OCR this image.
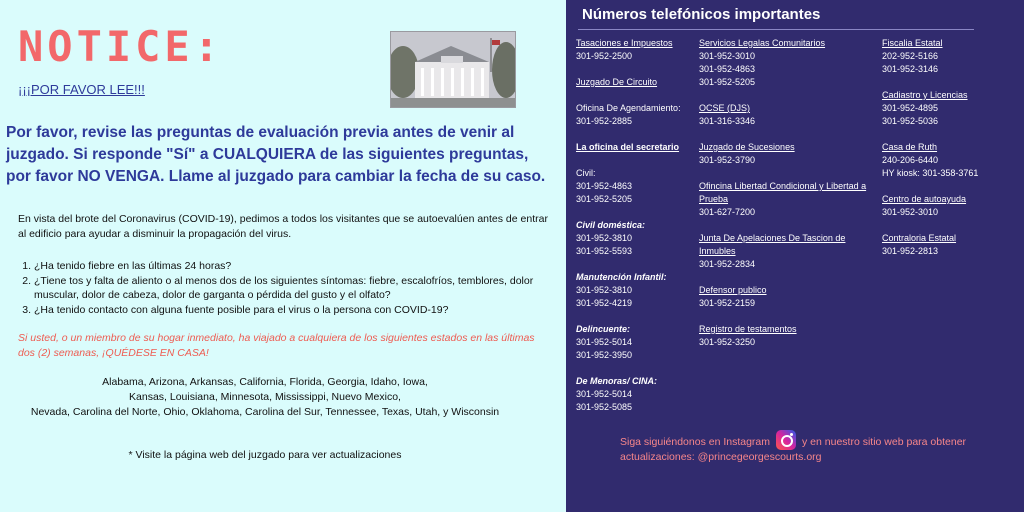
NOTICE:
¡¡¡POR FAVOR LEE!!!
Por favor, revise las preguntas de evaluación previa antes de venir al juzgado. Si responde "Sí" a CUALQUIERA de las siguientes preguntas, por favor NO VENGA. Llame al juzgado para cambiar la fecha de su caso.
En vista del brote del Coronavirus (COVID-19), pedimos a todos los visitantes que se autoevalúen antes de entrar al edificio para ayudar a disminuir la propagación del virus.
1. ¿Ha tenido fiebre en las últimas 24 horas?
2. ¿Tiene tos y falta de aliento o al menos dos de los siguientes síntomas: fiebre, escalofríos, temblores, dolor muscular, dolor de cabeza, dolor de garganta o pérdida del gusto y el olfato?
3. ¿Ha tenido contacto con alguna fuente posible para el virus o la persona con COVID-19?
Si usted, o un miembro de su hogar inmediato, ha viajado a cualquiera de los siguientes estados en las últimas dos (2) semanas, ¡QUÉDESE EN CASA!
Alabama, Arizona, Arkansas, California, Florida, Georgia, Idaho, Iowa,
Kansas, Louisiana, Minnesota, Mississippi, Nuevo Mexico,
Nevada, Carolina del Norte, Ohio, Oklahoma, Carolina del Sur, Tennessee, Texas, Utah, y Wisconsin
* Visite la página web del juzgado para ver actualizaciones
Números telefónicos importantes
Tasaciones e Impuestos
301-952-2500
Juzgado De Circuito
Oficina De Agendamiento:
301-952-2885
La oficina del secretario
Civil:
301-952-4863
301-952-5205
Civil doméstica:
301-952-3810
301-952-5593
Manutención Infantil:
301-952-3810
301-952-4219
Delincuente:
301-952-5014
301-952-3950
De Menoras/ CINA:
301-952-5014
301-952-5085
Servicios Legalas Comunitarios
301-952-3010
301-952-4863
301-952-5205
OCSE (DJS)
301-316-3346
Juzgado de Sucesiones
301-952-3790
Ofincina Libertad Condicional y Libertad a Prueba
301-627-7200
Junta De Apelaciones De Tascion de Inmubles
301-952-2834
Defensor publico
301-952-2159
Registro de testamentos
301-952-3250
Fiscalia Estatal
202-952-5166
301-952-3146
Cadiastro y Licencias
301-952-4895
301-952-5036
Casa de Ruth
240-206-6440
HY kiosk: 301-358-3761
Centro de autoayuda
301-952-3010
Contraloria Estatal
301-952-2813
Siga siguiéndonos en Instagram	y en nuestro sitio web para obtener actualizaciones: @princegeorgescourts.org
